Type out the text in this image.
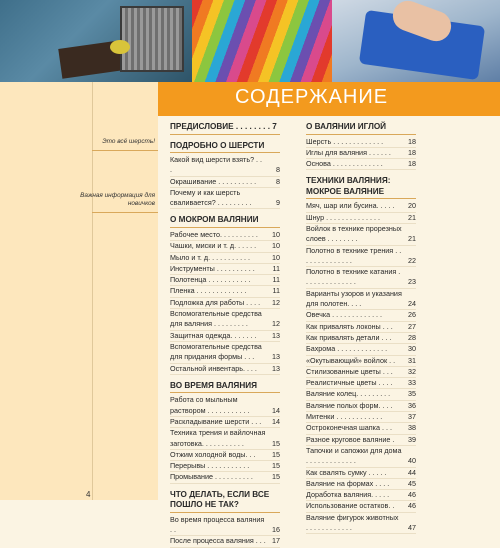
Это всё шерсть!
Важная информация для новичков
4
СОДЕРЖАНИЕ
ПРЕДИСЛОВИЕ . . . . . . . . 7
ПОДРОБНО О ШЕРСТИ
Какой вид шерсти взять? . . .	8
Окрашивание . . . . . . . . . .	8
Почему и как шерсть сваливается? . . . . . . . . .	9
О МОКРОМ ВАЛЯНИИ
Рабочее место. . . . . . . . . . 10
Чашки, миски и т. д. . . . . . 10
Мыло и т. д. . . . . . . . . . .	10
Инструменты . . . . . . . . . . 11
Полотенца . . . . . . . . . . .	11
Пленка . . . . . . . . . . . . .	11
Подложка для работы . . . . 12
Вспомогательные средства для валяния . . . . . . . . .	12
Защитная одежда. . . . . . . 13
Вспомогательные средства для придания формы . . . 13
Остальной инвентарь. . . . 13
ВО ВРЕМЯ ВАЛЯНИЯ
Работа со мыльным раствором . . . . . . . . . . .	14
Раскладывание шерсти . . . 14
Техника трения и вайлочная заготовка. . . . . . . . . . .	15
Отжим холодной воды. . . 15
Перерывы . . . . . . . . . . .	15
Промывание . . . . . . . . . .	15
ЧТО ДЕЛАТЬ, ЕСЛИ ВСЕ ПОШЛО НЕ ТАК?
Во время процесса валяния . .	16
После процесса валяния . . . 17
О ВАЛЯНИИ ИГЛОЙ
Шерсть . . . . . . . . . . . . .	18
Иглы для валяния . . . . . . 18
Основа . . . . . . . . . . . . .	18
ТЕХНИКИ ВАЛЯНИЯ: МОКРОЕ ВАЛЯНИЕ
Мяч, шар или бусина. . . . . 20
Шнур . . . . . . . . . . . . . .	21
Войлок в технике прорезных слоев . . . . . . . .	21
Полотно в технике трения . . . . . . . . . . . . . .	22
Полотно в технике катания . . . . . . . . . . . . . .	23
Варианты узоров и указания для полотен. . . .	24
Овечка . . . . . . . . . . . . .	26
Как привалять локоны . . . 27
Как привалять детали . . . 28
Бахрома . . . . . . . . . . . . .	30
«Окутывающий» войлок . . 31
Стилизованные цветы . . . 32
Реалистичные цветы . . . . 33
Валяние колец. . . . . . . . . 35
Валяние полых форм. . . . 36
Митенки . . . . . . . . . . . .	37
Остроконечная шапка . . . 38
Разное круговое валяние . 39
Тапочки и сапожки для дома . . . . . . . . . . . . .	40
Как свалять сумку . . . . .	44
Валяние на формах . . . .	45
Доработка валяния. . . . .	46
Использование остатков. . 46
Валяние фигурок животных . . . . . . . . . . . .	47
